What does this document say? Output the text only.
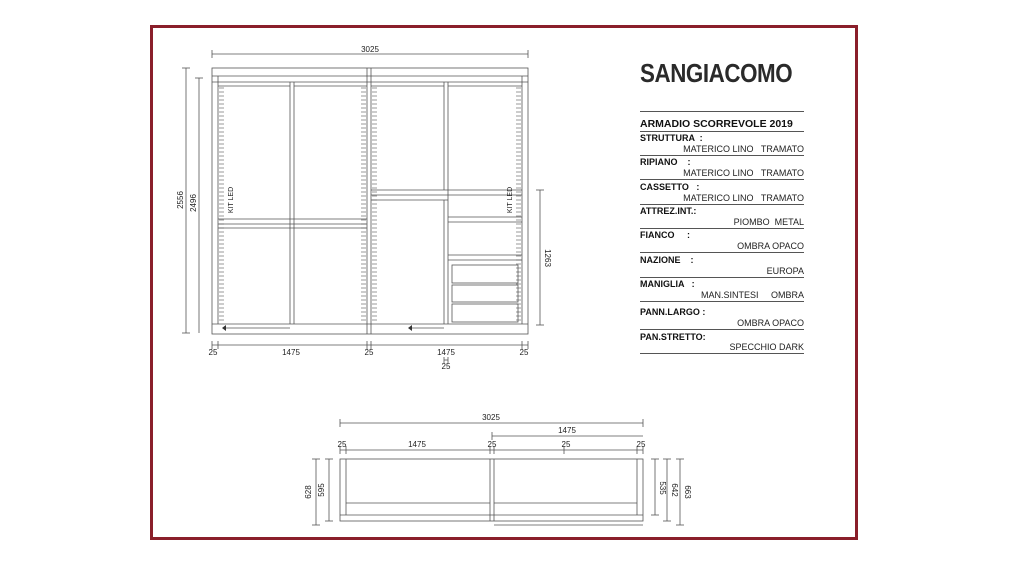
3025
2556 2496
1263
KIT LED	KIT LED
25	1475	25	1475	25
25
3025
1475
25	1475	25	25	25
628 595	535 642 663
SANGIACOMO
ARMADIO SCORREVOLE 2019
STRUTTURA  :
MATERICO LINO   TRAMATO
RIPIANO    :
MATERICO LINO   TRAMATO
CASSETTO   :
MATERICO LINO   TRAMATO
ATTREZ.INT.:
PIOMBO  METAL
FIANCO     :
OMBRA OPACO
NAZIONE    :
EUROPA
MANIGLIA   :
MAN.SINTESI     OMBRA
PANN.LARGO :
OMBRA OPACO
PAN.STRETTO:
SPECCHIO DARK
